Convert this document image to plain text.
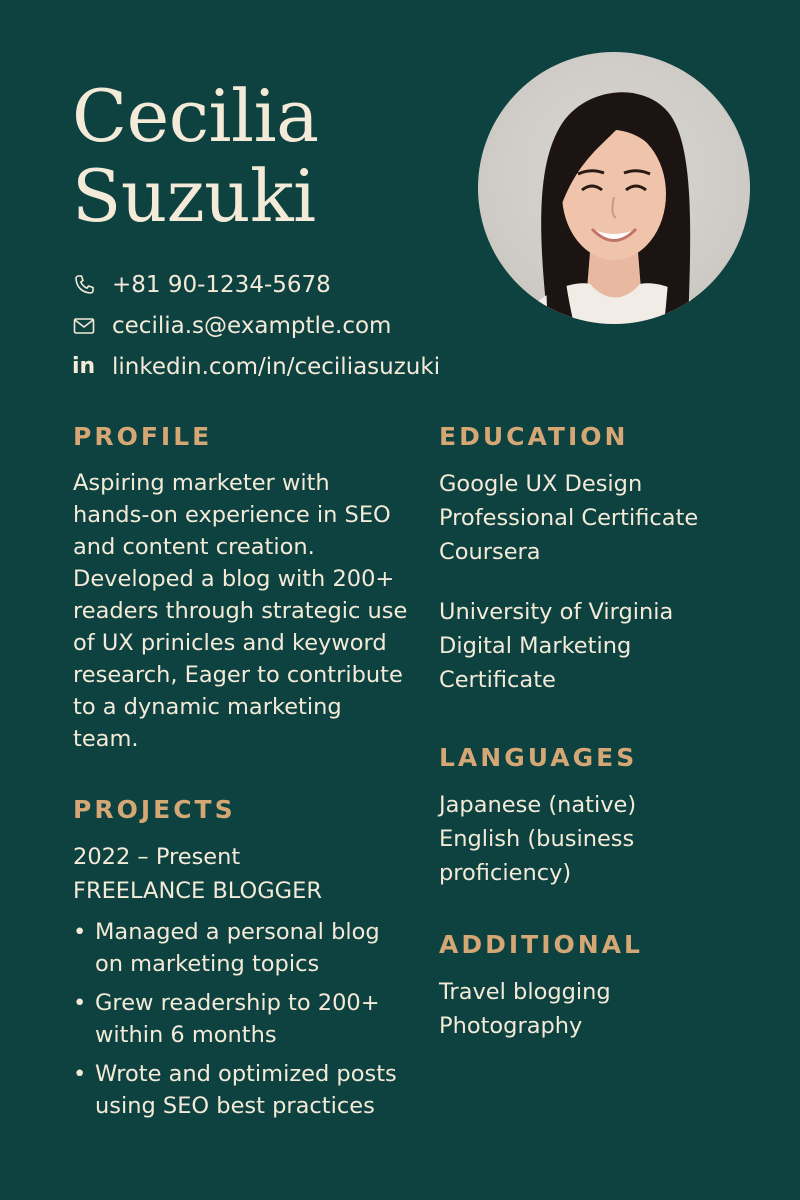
Cecilia
Suzuki
+81 90-1234-5678
cecilia.s@examptle.com
in linkedin.com/in/ceciliasuzuki
PROFILE

Aspiring marketer with hands-on experience in SEO and content creation. Developed a blog with 200+ readers through strategic use of UX prinicles and keyword research, Eager to contribute to a dynamic marketing team.

PROJECTS

2022 – Present

FREELANCE BLOGGER

• Managed a personal blog on marketing topics
• Grew readership to 200+ within 6 months
• Wrote and optimized posts using SEO best practices
EDUCATION

Google UX Design

Professional Certificate

Coursera

University of Virginia

Digital Marketing

Certificate

LANGUAGES

Japanese (native)

English (business proficiency)

ADDITIONAL

Travel blogging

Photography
